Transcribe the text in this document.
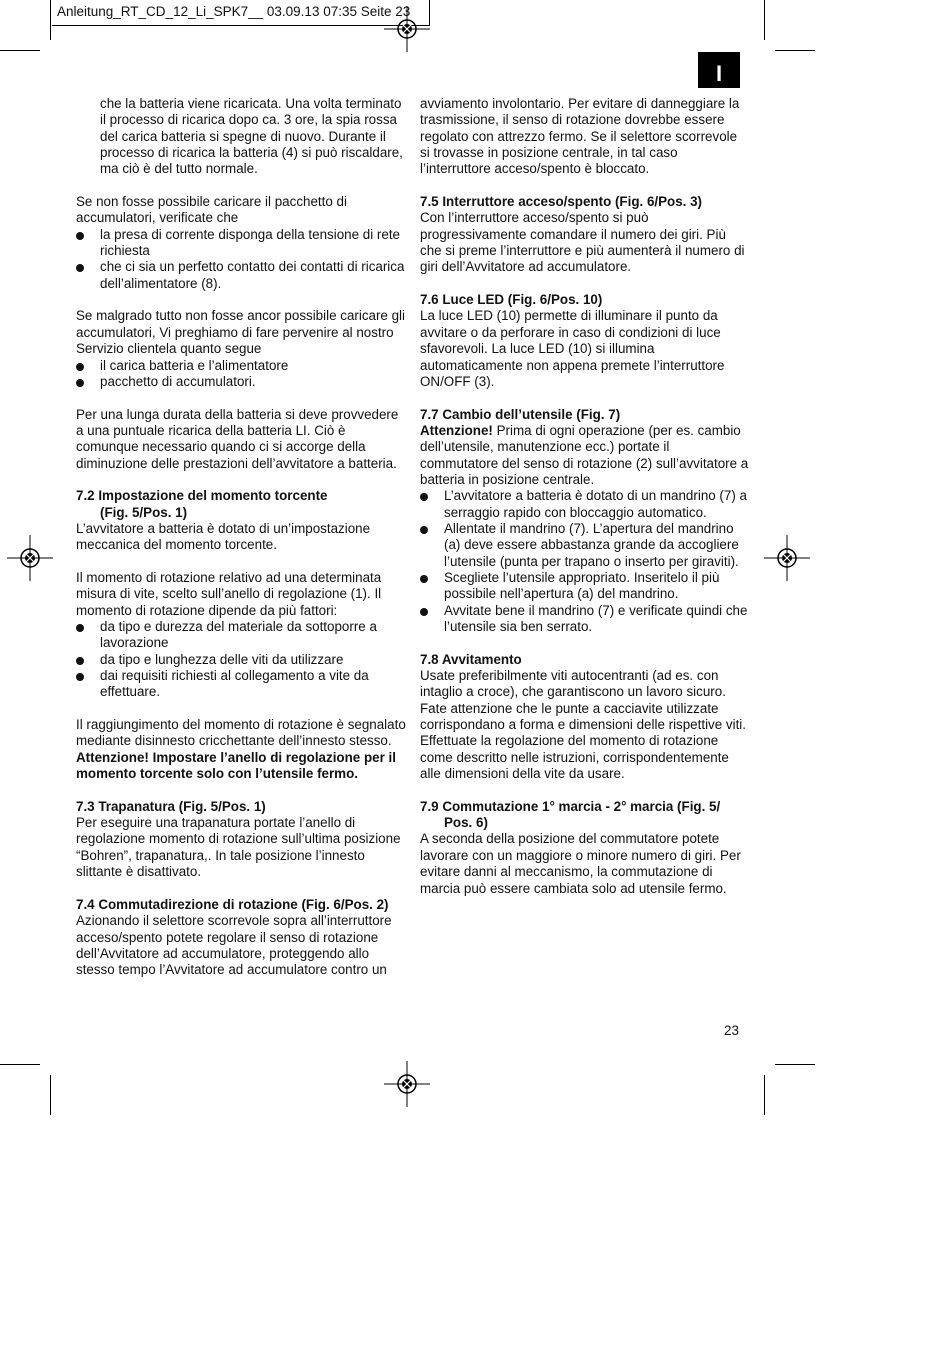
Anleitung_RT_CD_12_Li_SPK7__ 03.09.13 07:35 Seite 23
I

che la batteria viene ricaricata. Una volta terminato il processo di ricarica dopo ca. 3 ore, la spia rossa del carica batteria si spegne di nuovo. Durante il processo di ricarica la batteria (4) si può riscaldare, ma ciò è del tutto normale.

Se non fosse possibile caricare il pacchetto di accumulatori, verificate che

la presa di corrente disponga della tensione di rete richiesta
che ci sia un perfetto contatto dei contatti di ricarica dell’alimentatore (8).

Se malgrado tutto non fosse ancor possibile caricare gli accumulatori, Vi preghiamo di fare pervenire al nostro Servizio clientela quanto segue

il carica batteria e l’alimentatore
pacchetto di accumulatori.

Per una lunga durata della batteria si deve provvedere a una puntuale ricarica della batteria LI. Ciò è comunque necessario quando ci si accorge della diminuzione delle prestazioni dell’avvitatore a batteria.

7.2 Impostazione del momento torcente
(Fig. 5/Pos. 1)

L’avvitatore a batteria è dotato di un’impostazione meccanica del momento torcente.

Il momento di rotazione relativo ad una determinata misura di vite, scelto sull’anello di regolazione (1). Il momento di rotazione dipende da più fattori:

da tipo e durezza del materiale da sottoporre a lavorazione
da tipo e lunghezza delle viti da utilizzare
dai requisiti richiesti al collegamento a vite da effettuare.

Il raggiungimento del momento di rotazione è segnalato mediante disinnesto cricchettante dell’innesto stesso.

Attenzione! Impostare l’anello di regolazione per il momento torcente solo con l’utensile fermo.

7.3 Trapanatura (Fig. 5/Pos. 1)

Per eseguire una trapanatura portate l’anello di regolazione momento di rotazione sull’ultima posizione “Bohren”, trapanatura,. In tale posizione l’innesto slittante è disattivato.

7.4 Commutadirezione di rotazione (Fig. 6/Pos. 2)

Azionando il selettore scorrevole sopra all’interruttore acceso/spento potete regolare il senso di rotazione dell’Avvitatore ad accumulatore, proteggendo allo stesso tempo l’Avvitatore ad accumulatore contro un

avviamento involontario. Per evitare di danneggiare la trasmissione, il senso di rotazione dovrebbe essere regolato con attrezzo fermo. Se il selettore scorrevole si trovasse in posizione centrale, in tal caso l’interruttore acceso/spento è bloccato.

7.5 Interruttore acceso/spento (Fig. 6/Pos. 3)

Con l’interruttore acceso/spento si può progressivamente comandare il numero dei giri. Più che si preme l’interruttore e più aumenterà il numero di giri dell’Avvitatore ad accumulatore.

7.6 Luce LED (Fig. 6/Pos. 10)

La luce LED (10) permette di illuminare il punto da avvitare o da perforare in caso di condizioni di luce sfavorevoli. La luce LED (10) si illumina automaticamente non appena premete l’interruttore ON/OFF (3).

7.7 Cambio dell’utensile (Fig. 7)

Attenzione! Prima di ogni operazione (per es. cambio dell’utensile, manutenzione ecc.) portate il commutatore del senso di rotazione (2) sull’avvitatore a batteria in posizione centrale.

L’avvitatore a batteria è dotato di un mandrino (7) a serraggio rapido con bloccaggio automatico.
Allentate il mandrino (7). L’apertura del mandrino (a) deve essere abbastanza grande da accogliere l’utensile (punta per trapano o inserto per giraviti).
Scegliete l’utensile appropriato. Inseritelo il più possibile nell’apertura (a) del mandrino.
Avvitate bene il mandrino (7) e verificate quindi che l’utensile sia ben serrato.
7.8 Avvitamento

Usate preferibilmente viti autocentranti (ad es. con intaglio a croce), che garantiscono un lavoro sicuro. Fate attenzione che le punte a cacciavite utilizzate corrispondano a forma e dimensioni delle rispettive viti. Effettuate la regolazione del momento di rotazione come descritto nelle istruzioni, corrispondentemente alle dimensioni della vite da usare.

7.9 Commutazione 1° marcia - 2° marcia (Fig. 5/
Pos. 6)

A seconda della posizione del commutatore potete lavorare con un maggiore o minore numero di giri. Per evitare danni al meccanismo, la commutazione di marcia può essere cambiata solo ad utensile fermo.

23
